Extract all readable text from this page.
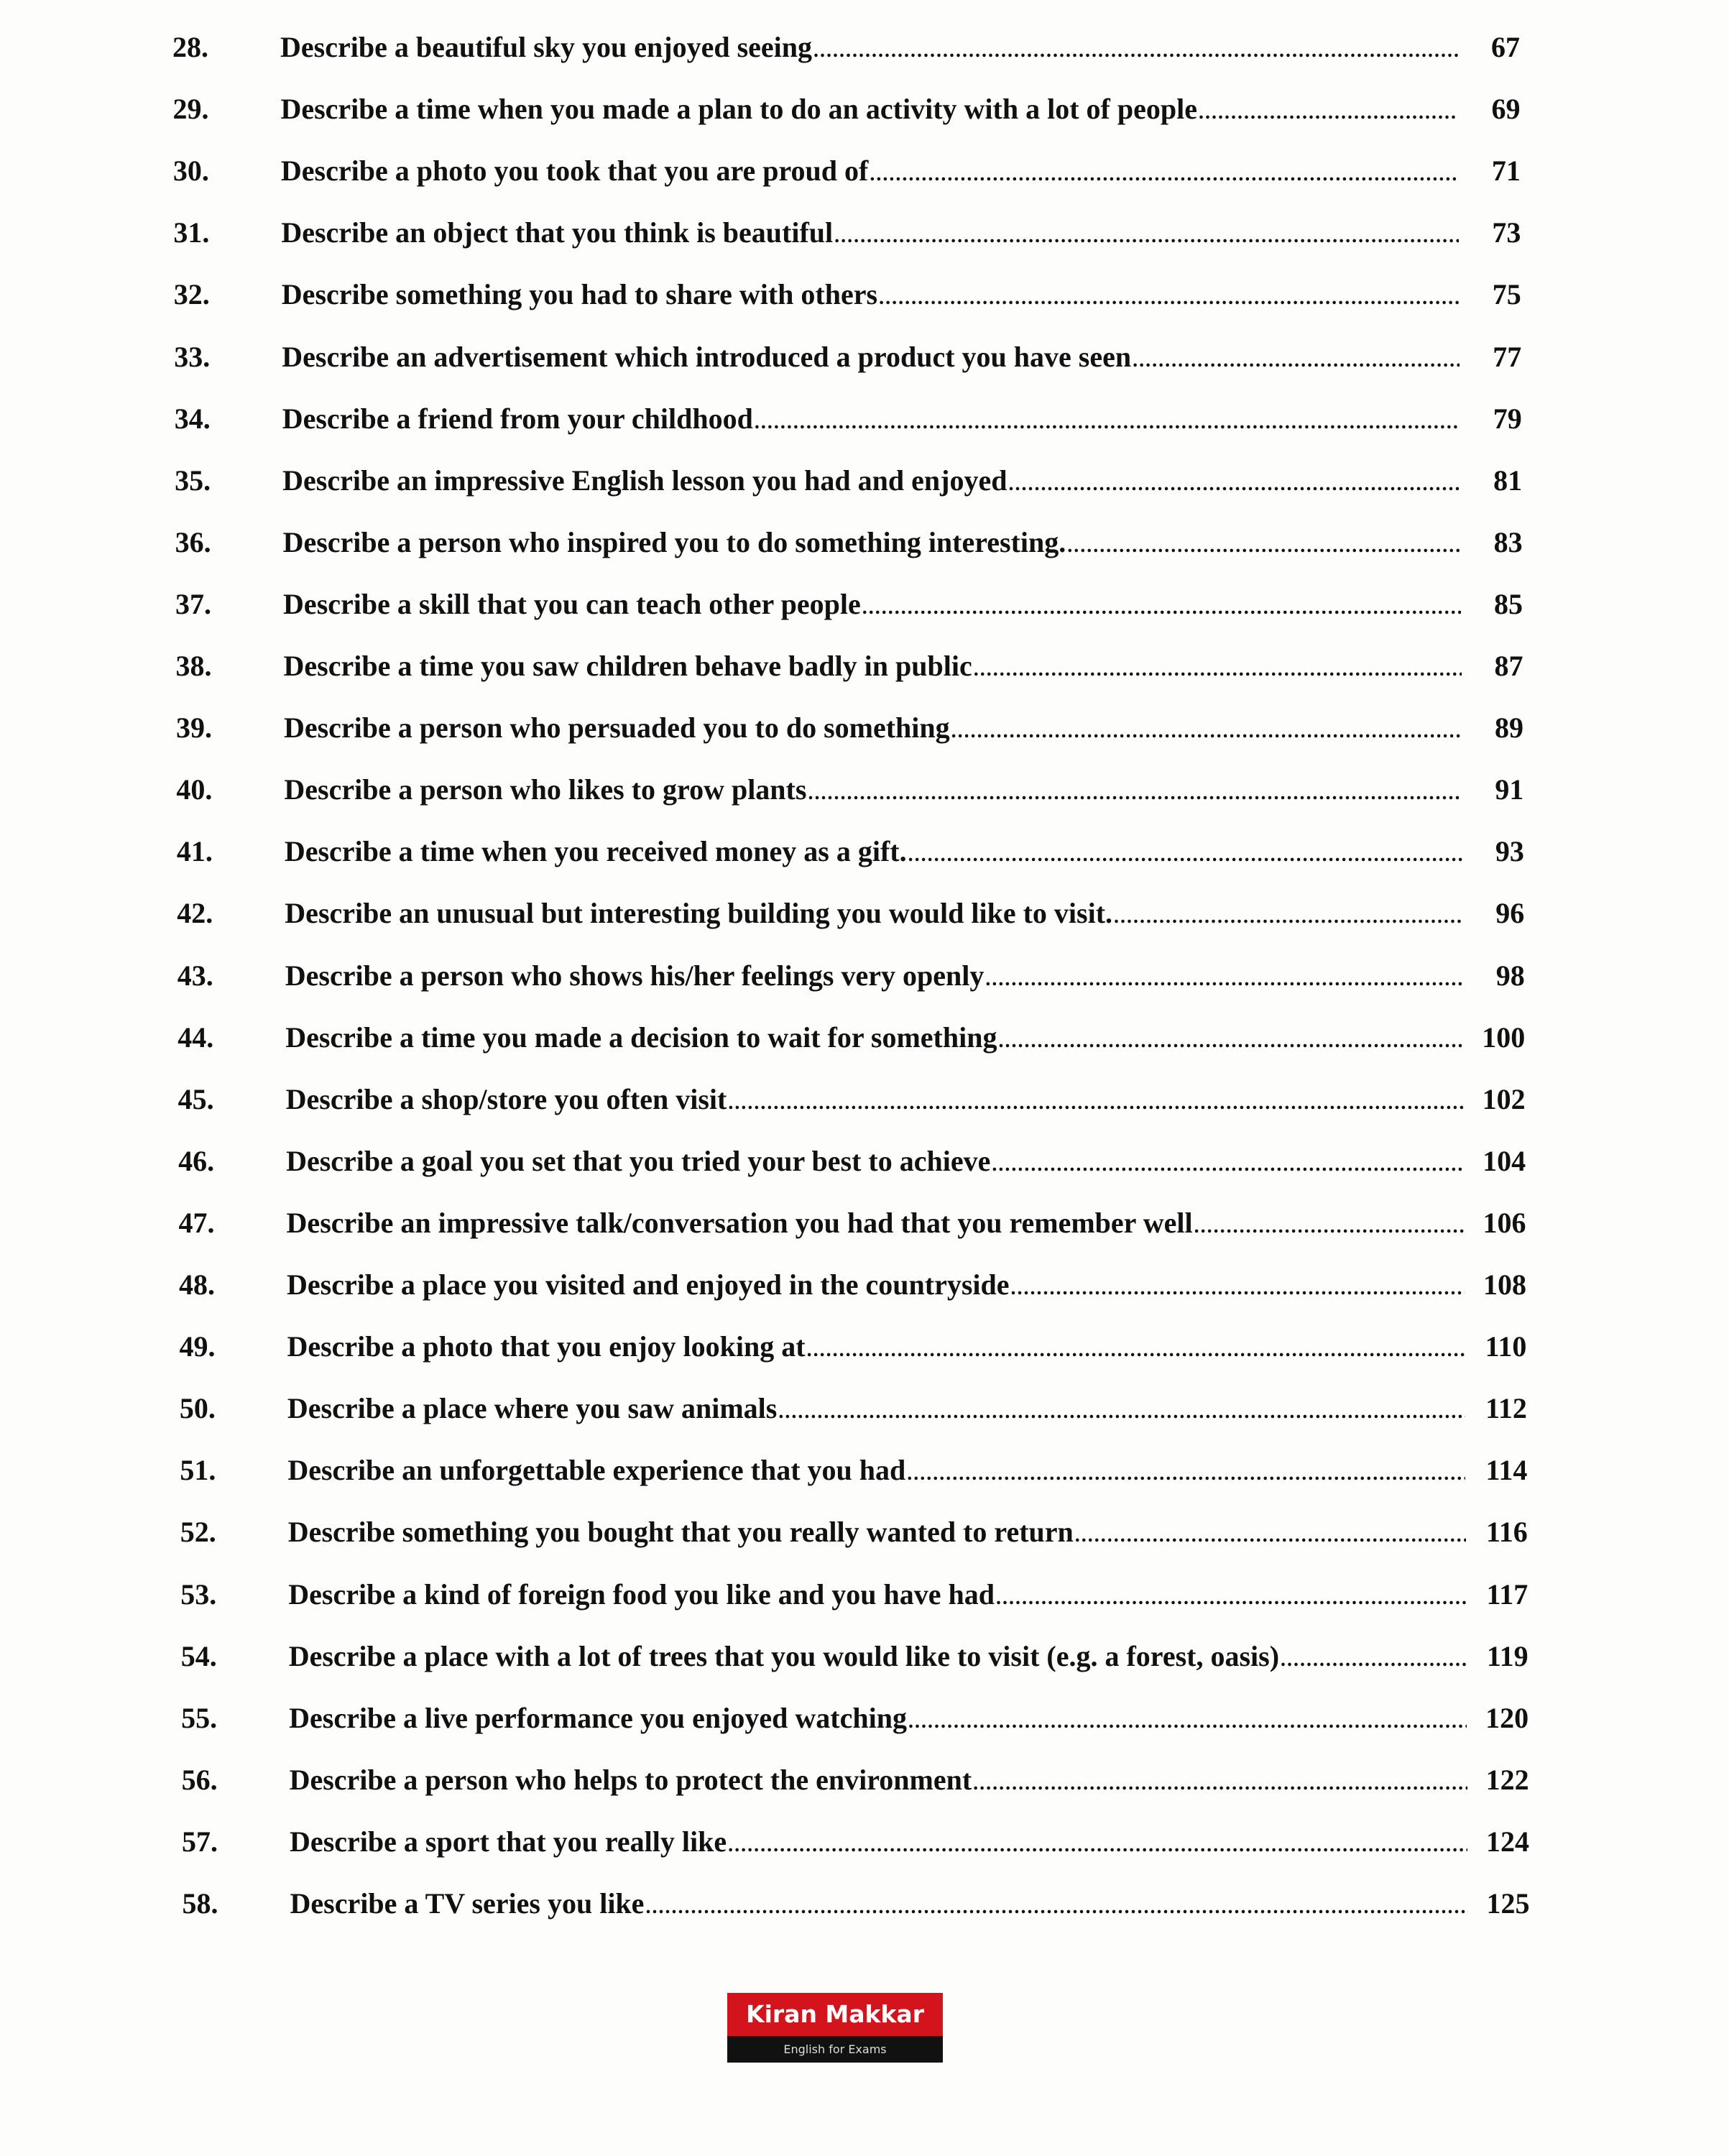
28.	Describe a beautiful sky you enjoyed seeing .....	67
29.	Describe a time when you made a plan to do an activity with a lot of people .....	69
30.	Describe a photo you took that you are proud of .....	71
31.	Describe an object that you think is beautiful .....	73
32.	Describe something you had to share with others .....	75
33.	Describe an advertisement which introduced a product you have seen .....	77
34.	Describe a friend from your childhood .....	79
35.	Describe an impressive English lesson you had and enjoyed .....	81
36.	Describe a person who inspired you to do something interesting. .....	83
37.	Describe a skill that you can teach other people .....	85
38.	Describe a time you saw children behave badly in public .....	87
39.	Describe a person who persuaded you to do something .....	89
40.	Describe a person who likes to grow plants .....	91
41.	Describe a time when you received money as a gift. .....	93
42.	Describe an unusual but interesting building you would like to visit. .....	96
43.	Describe a person who shows his/her feelings very openly .....	98
44.	Describe a time you made a decision to wait for something .....	100
45.	Describe a shop/store you often visit .....	102
46.	Describe a goal you set that you tried your best to achieve .....	104
47.	Describe an impressive talk/conversation you had that you remember well .....	106
48.	Describe a place you visited and enjoyed in the countryside .....	108
49.	Describe a photo that you enjoy looking at .....	110
50.	Describe a place where you saw animals .....	112
51.	Describe an unforgettable experience that you had .....	114
52.	Describe something you bought that you really wanted to return .....	116
53.	Describe a kind of foreign food you like and you have had .....	117
54.	Describe a place with a lot of trees that you would like to visit (e.g. a forest, oasis) .....	119
55.	Describe a live performance you enjoyed watching .....	120
56.	Describe a person who helps to protect the environment .....	122
57.	Describe a sport that you really like .....	124
58.	Describe a TV series you like .....	125
Kiran Makkar
English for Exams
